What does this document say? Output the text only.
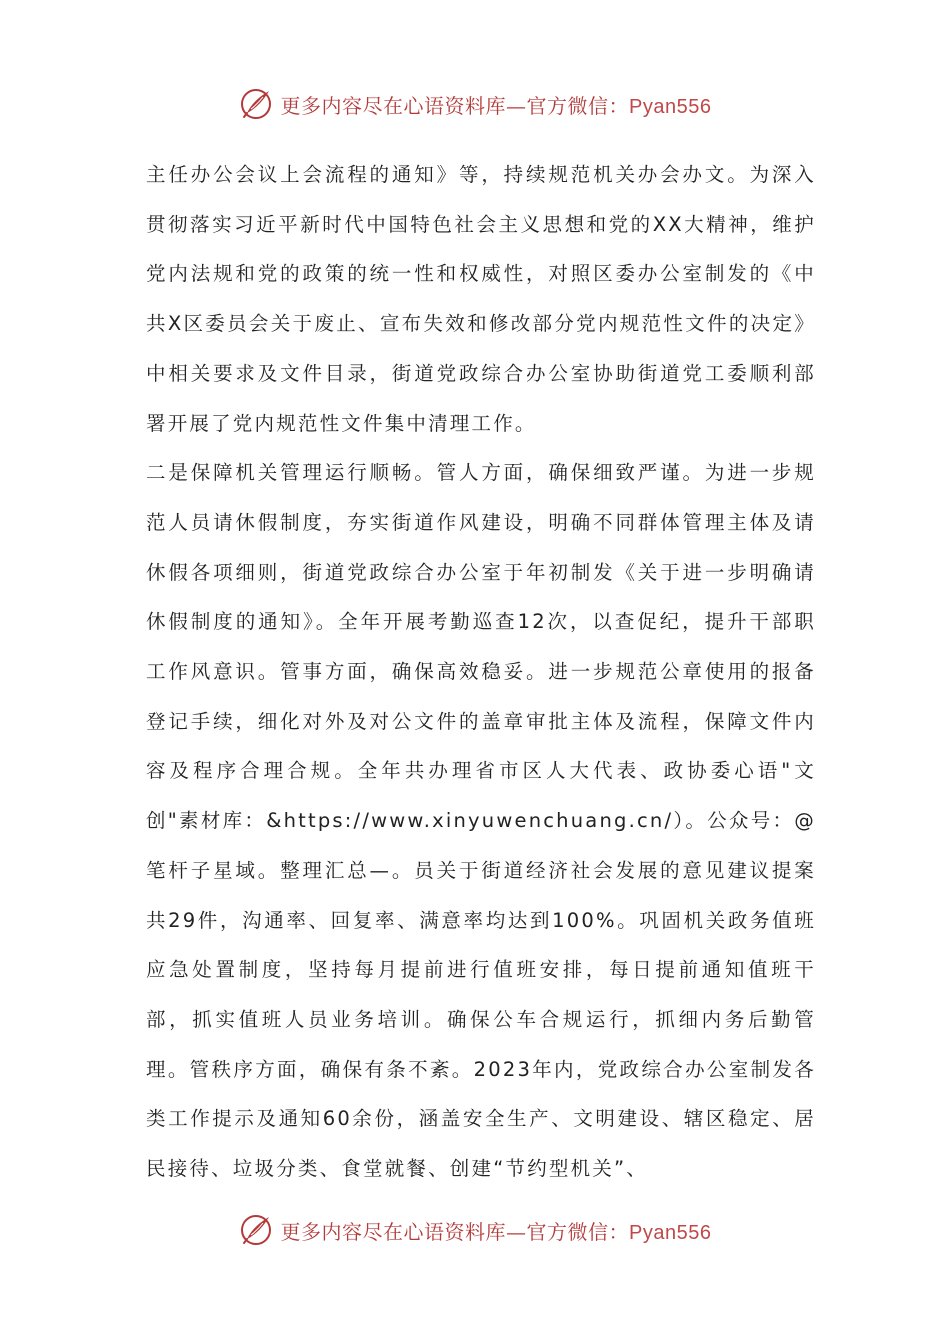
更多内容尽在心语资料库—官方微信：Pyan556

主任办公会议上会流程的通知》等，持续规范机关办会办文。为深入贯彻落实习近平新时代中国特色社会主义思想和党的XX大精神，维护党内法规和党的政策的统一性和权威性，对照区委办公室制发的《中共X区委员会关于废止、宣布失效和修改部分党内规范性文件的决定》中相关要求及文件目录，街道党政综合办公室协助街道党工委顺利部署开展了党内规范性文件集中清理工作。

二是保障机关管理运行顺畅。管人方面，确保细致严谨。为进一步规范人员请休假制度，夯实街道作风建设，明确不同群体管理主体及请休假各项细则，街道党政综合办公室于年初制发《关于进一步明确请休假制度的通知》。全年开展考勤巡查12次，以查促纪，提升干部职工作风意识。管事方面，确保高效稳妥。进一步规范公章使用的报备登记手续，细化对外及对公文件的盖章审批主体及流程，保障文件内容及程序合理合规。全年共办理省市区人大代表、政协委心语"文创"素材库：&https://www.xinyuwenchuang.cn/）。公众号：@笔杆子星域。整理汇总—。员关于街道经济社会发展的意见建议提案共29件，沟通率、回复率、满意率均达到100%。巩固机关政务值班应急处置制度，坚持每月提前进行值班安排，每日提前通知值班干部，抓实值班人员业务培训。确保公车合规运行，抓细内务后勤管理。管秩序方面，确保有条不紊。2023年内，党政综合办公室制发各类工作提示及通知60余份，涵盖安全生产、文明建设、辖区稳定、居民接待、垃圾分类、食堂就餐、创建“节约型机关”、

更多内容尽在心语资料库—官方微信：Pyan556
